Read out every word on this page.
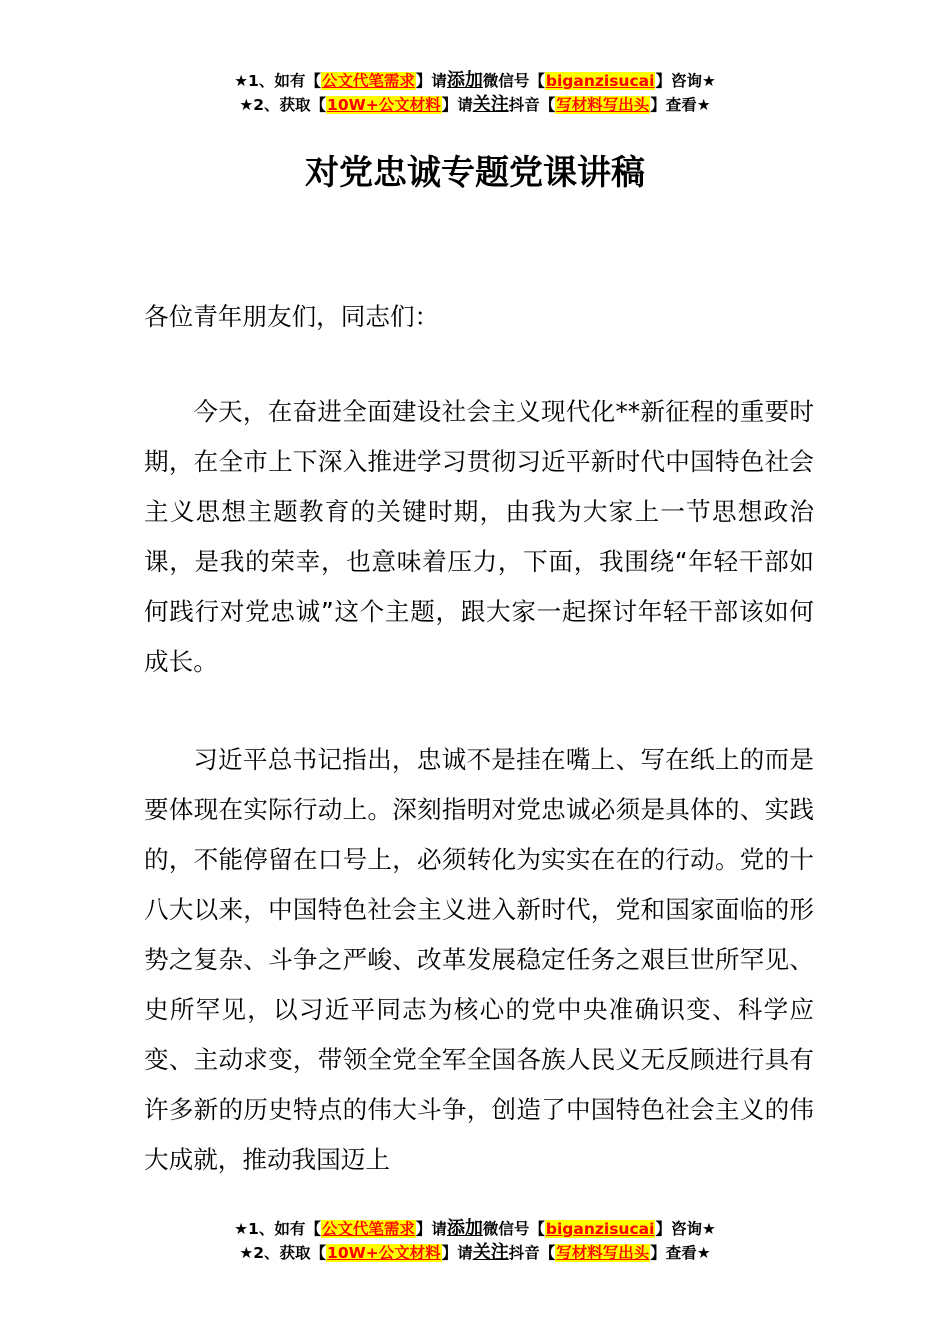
★1、如有【公文代笔需求】请添加微信号【biganzisucai】咨询★
★2、获取【10W+公文材料】请关注抖音【写材料写出头】查看★
对党忠诚专题党课讲稿

各位青年朋友们，同志们：

今天，在奋进全面建设社会主义现代化**新征程的重要时期，在全市上下深入推进学习贯彻习近平新时代中国特色社会主义思想主题教育的关键时期，由我为大家上一节思想政治课，是我的荣幸，也意味着压力，下面，我围绕“年轻干部如何践行对党忠诚”这个主题，跟大家一起探讨年轻干部该如何成长。

习近平总书记指出，忠诚不是挂在嘴上、写在纸上的而是要体现在实际行动上。深刻指明对党忠诚必须是具体的、实践的，不能停留在口号上，必须转化为实实在在的行动。党的十八大以来，中国特色社会主义进入新时代，党和国家面临的形势之复杂、斗争之严峻、改革发展稳定任务之艰巨世所罕见、史所罕见，以习近平同志为核心的党中央准确识变、科学应变、主动求变，带领全党全军全国各族人民义无反顾进行具有许多新的历史特点的伟大斗争，创造了中国特色社会主义的伟大成就，推动我国迈上

★1、如有【公文代笔需求】请添加微信号【biganzisucai】咨询★
★2、获取【10W+公文材料】请关注抖音【写材料写出头】查看★
